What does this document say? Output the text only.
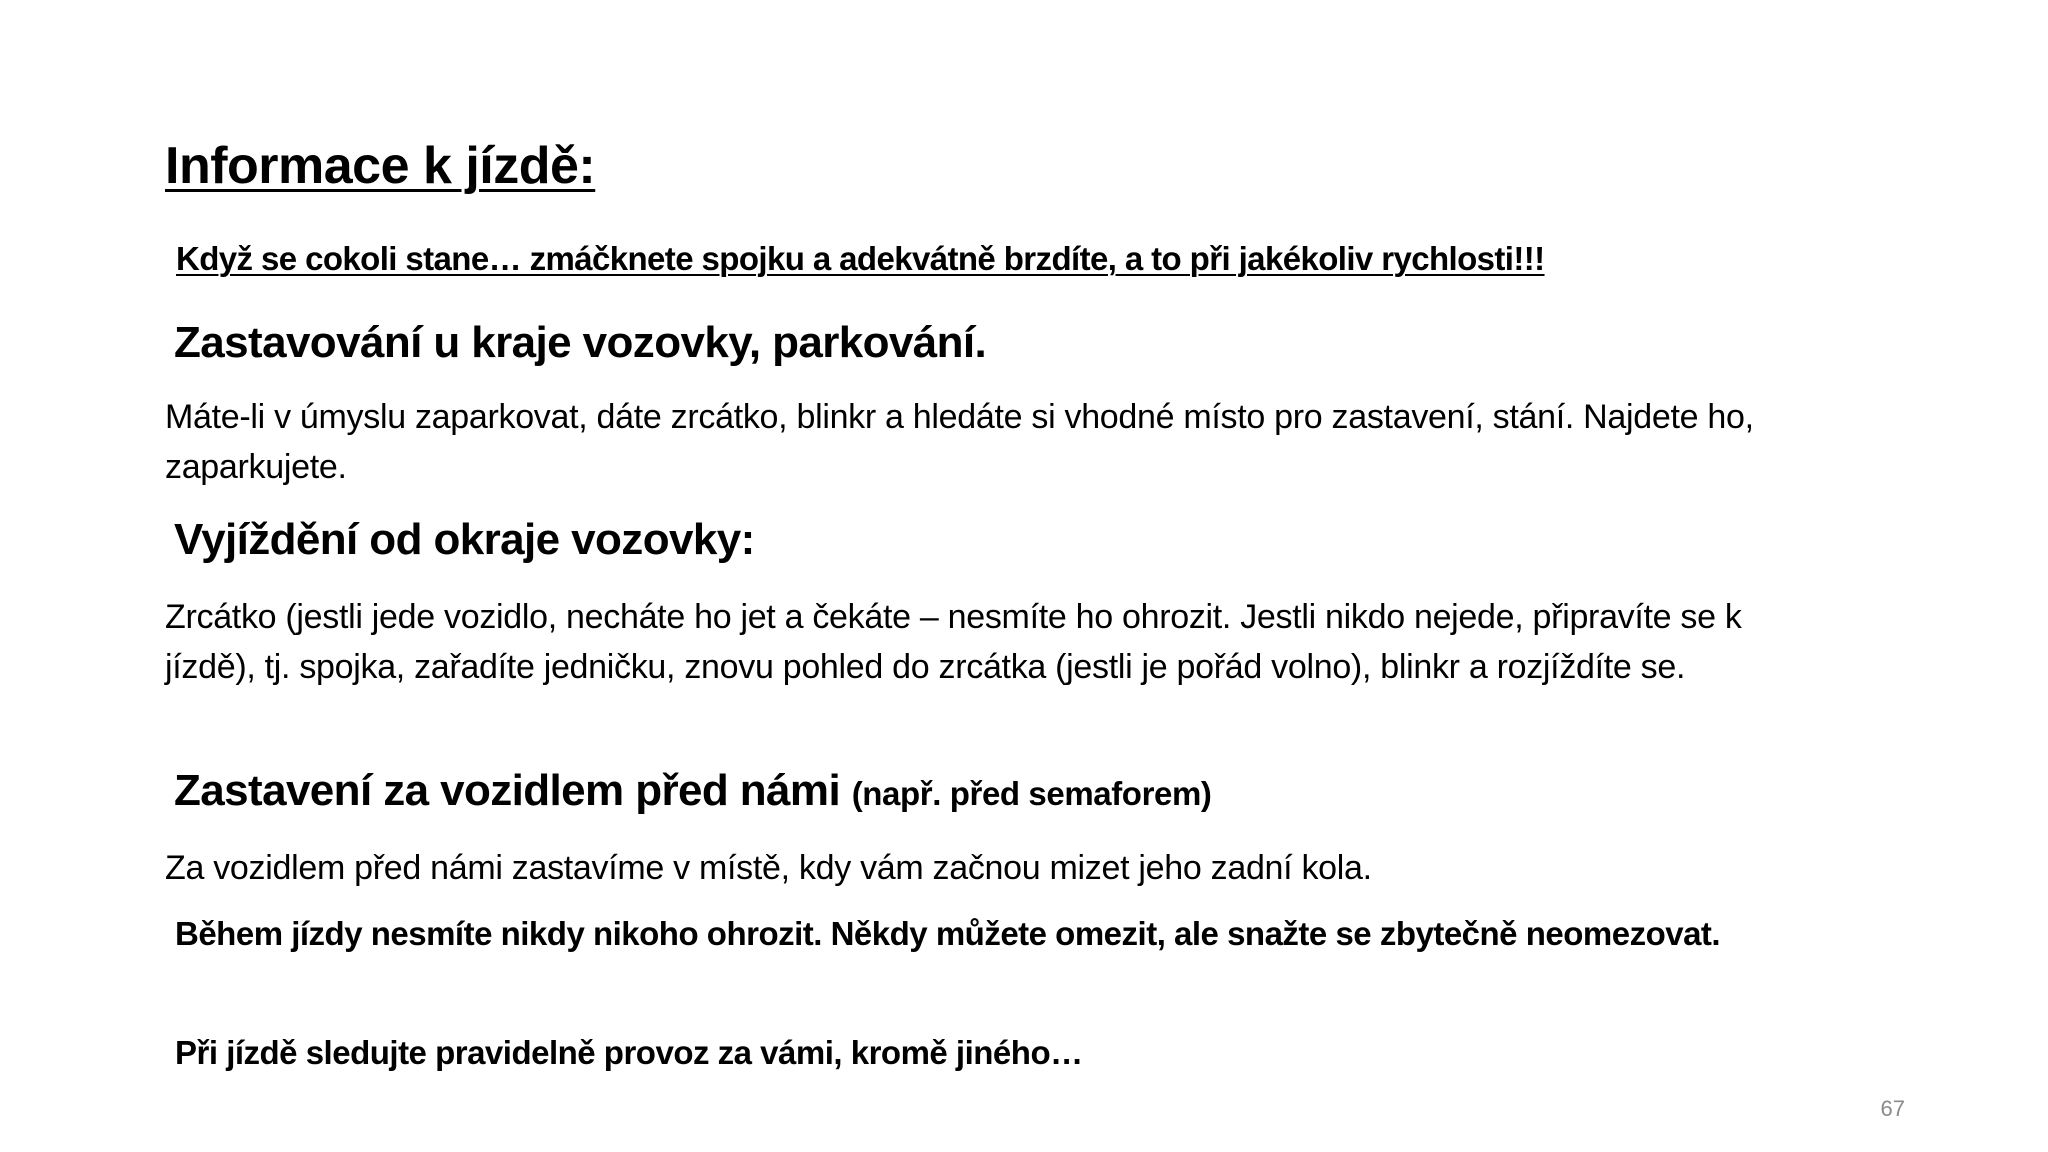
Informace k jízdě:
Když se cokoli stane… zmáčknete spojku a adekvátně brzdíte, a to při jakékoliv rychlosti!!!
Zastavování u kraje vozovky, parkování.
Máte-li v úmyslu zaparkovat, dáte zrcátko, blinkr a hledáte si vhodné místo pro zastavení, stání. Najdete ho, zaparkujete.
Vyjíždění od okraje vozovky:
Zrcátko (jestli jede vozidlo, necháte ho jet a čekáte – nesmíte ho ohrozit. Jestli nikdo nejede, připravíte se k jízdě), tj. spojka, zařadíte jedničku, znovu pohled do zrcátka (jestli je pořád volno), blinkr a rozjíždíte se.
Zastavení za vozidlem před námi (např. před semaforem)
Za vozidlem před námi zastavíme v místě, kdy vám začnou mizet jeho zadní kola.
Během jízdy nesmíte nikdy nikoho ohrozit. Někdy můžete omezit, ale snažte se zbytečně neomezovat.
Při jízdě sledujte pravidelně provoz za vámi, kromě jiného…
67
